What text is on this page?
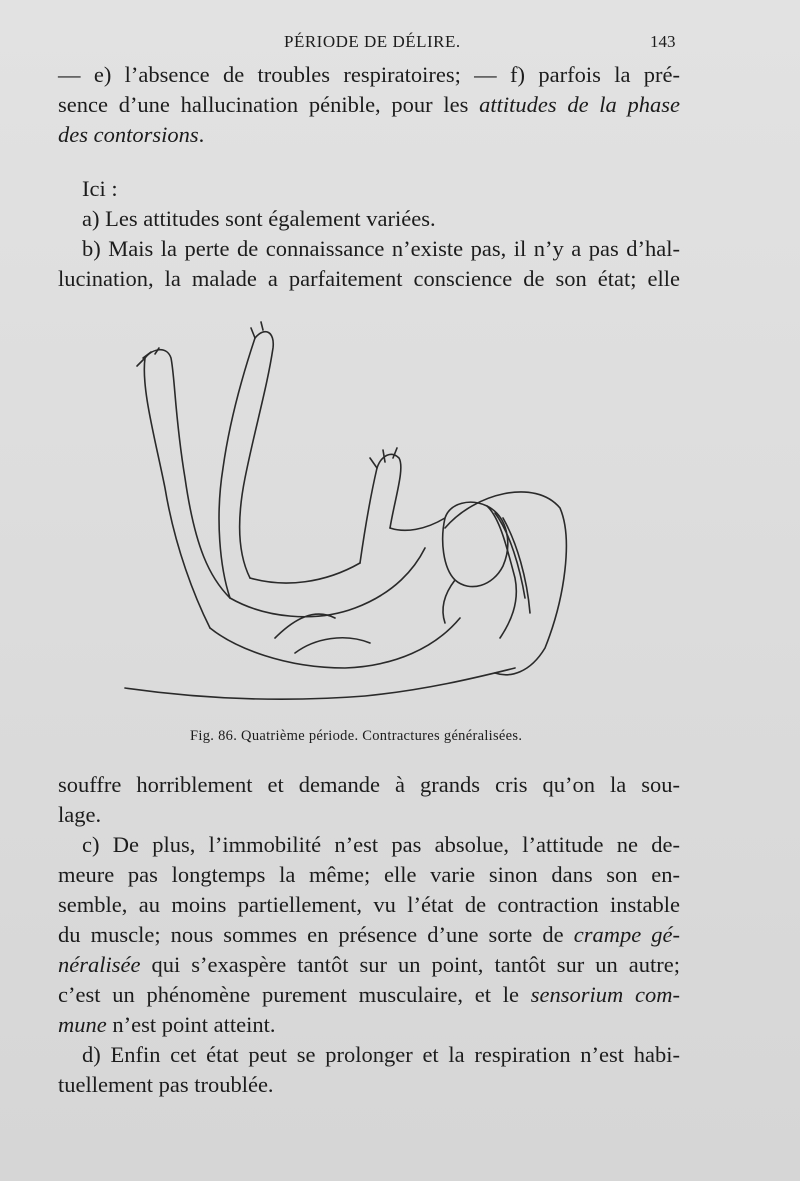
PÉRIODE DE DÉLIRE.	143
— e) l’absence de troubles respiratoires; — f) parfois la pré-
sence d’une hallucination pénible, pour les attitudes de la phase
des contorsions.
Ici :
a) Les attitudes sont également variées.
b) Mais la perte de connaissance n’existe pas, il n’y a pas d’hal-
lucination, la malade a parfaitement conscience de son état; elle
Fig. 86. Quatrième période. Contractures généralisées.
souffre horriblement et demande à grands cris qu’on la sou-
lage.
c) De plus, l’immobilité n’est pas absolue, l’attitude ne de-
meure pas longtemps la même; elle varie sinon dans son en-
semble, au moins partiellement, vu l’état de contraction instable
du muscle; nous sommes en présence d’une sorte de crampe gé-
néralisée qui s’exaspère tantôt sur un point, tantôt sur un autre;
c’est un phénomène purement musculaire, et le sensorium com-
mune n’est point atteint.
d) Enfin cet état peut se prolonger et la respiration n’est habi-
tuellement pas troublée.
